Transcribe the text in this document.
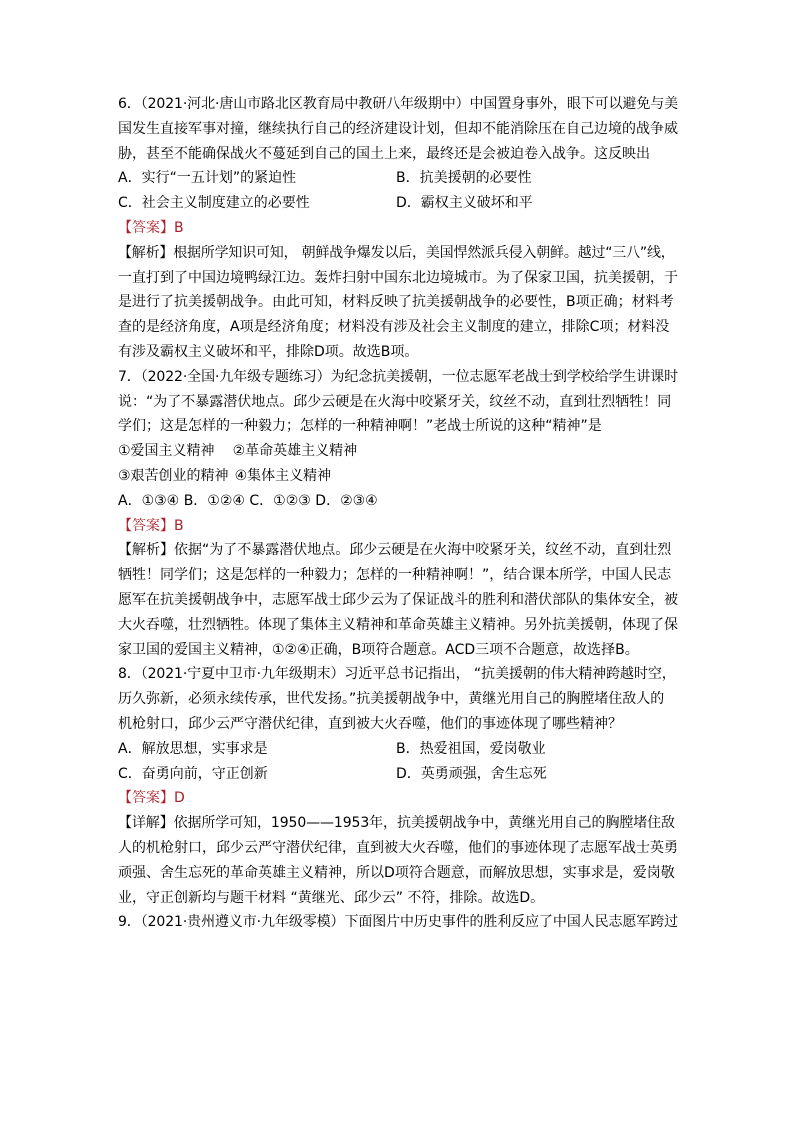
6．（2021·河北·唐山市路北区教育局中教研八年级期中）中国置身事外，眼下可以避免与美
国发生直接军事对撞，继续执行自己的经济建设计划，但却不能消除压在自己边境的战争威
胁，甚至不能确保战火不蔓延到自己的国土上来，最终还是会被迫卷入战争。这反映出
A．实行“一五计划”的紧迫性	B．抗美援朝的必要性
C．社会主义制度建立的必要性	D．霸权主义破坏和平
【答案】B
【解析】根据所学知识可知， 朝鲜战争爆发以后，美国悍然派兵侵入朝鲜。越过“三八”线，
一直打到了中国边境鸭绿江边。轰炸扫射中国东北边境城市。为了保家卫国，抗美援朝，于
是进行了抗美援朝战争。由此可知，材料反映了抗美援朝战争的必要性，B项正确；材料考
查的是经济角度，A项是经济角度；材料没有涉及社会主义制度的建立，排除C项；材料没
有涉及霸权主义破坏和平，排除D项。故选B项。
7．（2022·全国·九年级专题练习）为纪念抗美援朝，一位志愿军老战士到学校给学生讲课时
说：“为了不暴露潜伏地点。邱少云硬是在火海中咬紧牙关，纹丝不动，直到壮烈牺牲！同
学们；这是怎样的一种毅力；怎样的一种精神啊！”老战士所说的这种“精神”是
①爱国主义精神 ②革命英雄主义精神
③艰苦创业的精神 ④集体主义精神
A．①③④ B．①②④ C．①②③ D．②③④
【答案】B
【解析】依据“为了不暴露潜伏地点。邱少云硬是在火海中咬紧牙关，纹丝不动，直到壮烈
牺牲！同学们；这是怎样的一种毅力；怎样的一种精神啊！”，结合课本所学，中国人民志
愿军在抗美援朝战争中，志愿军战士邱少云为了保证战斗的胜利和潜伏部队的集体安全，被
大火吞噬，壮烈牺牲。体现了集体主义精神和革命英雄主义精神。另外抗美援朝，体现了保
家卫国的爱国主义精神，①②④正确，B项符合题意。ACD三项不合题意，故选择B。
8．（2021·宁夏中卫市·九年级期末）习近平总书记指出， “抗美援朝的伟大精神跨越时空，
历久弥新，必须永续传承，世代发扬。”抗美援朝战争中，黄继光用自己的胸膛堵住敌人的
机枪射口，邱少云严守潜伏纪律，直到被大火吞噬，他们的事迹体现了哪些精神？
A．解放思想，实事求是	B．热爱祖国，爱岗敬业
C．奋勇向前，守正创新	D．英勇顽强，舍生忘死
【答案】D
【详解】依据所学可知，1950——1953年，抗美援朝战争中，黄继光用自己的胸膛堵住敌
人的机枪射口，邱少云严守潜伏纪律，直到被大火吞噬，他们的事迹体现了志愿军战士英勇
顽强、舍生忘死的革命英雄主义精神，所以D项符合题意，而解放思想，实事求是，爱岗敬
业，守正创新均与题干材料 “黄继光、邱少云” 不符，排除。故选D。
9．（2021·贵州遵义市·九年级零模）下面图片中历史事件的胜利反应了中国人民志愿军跨过
